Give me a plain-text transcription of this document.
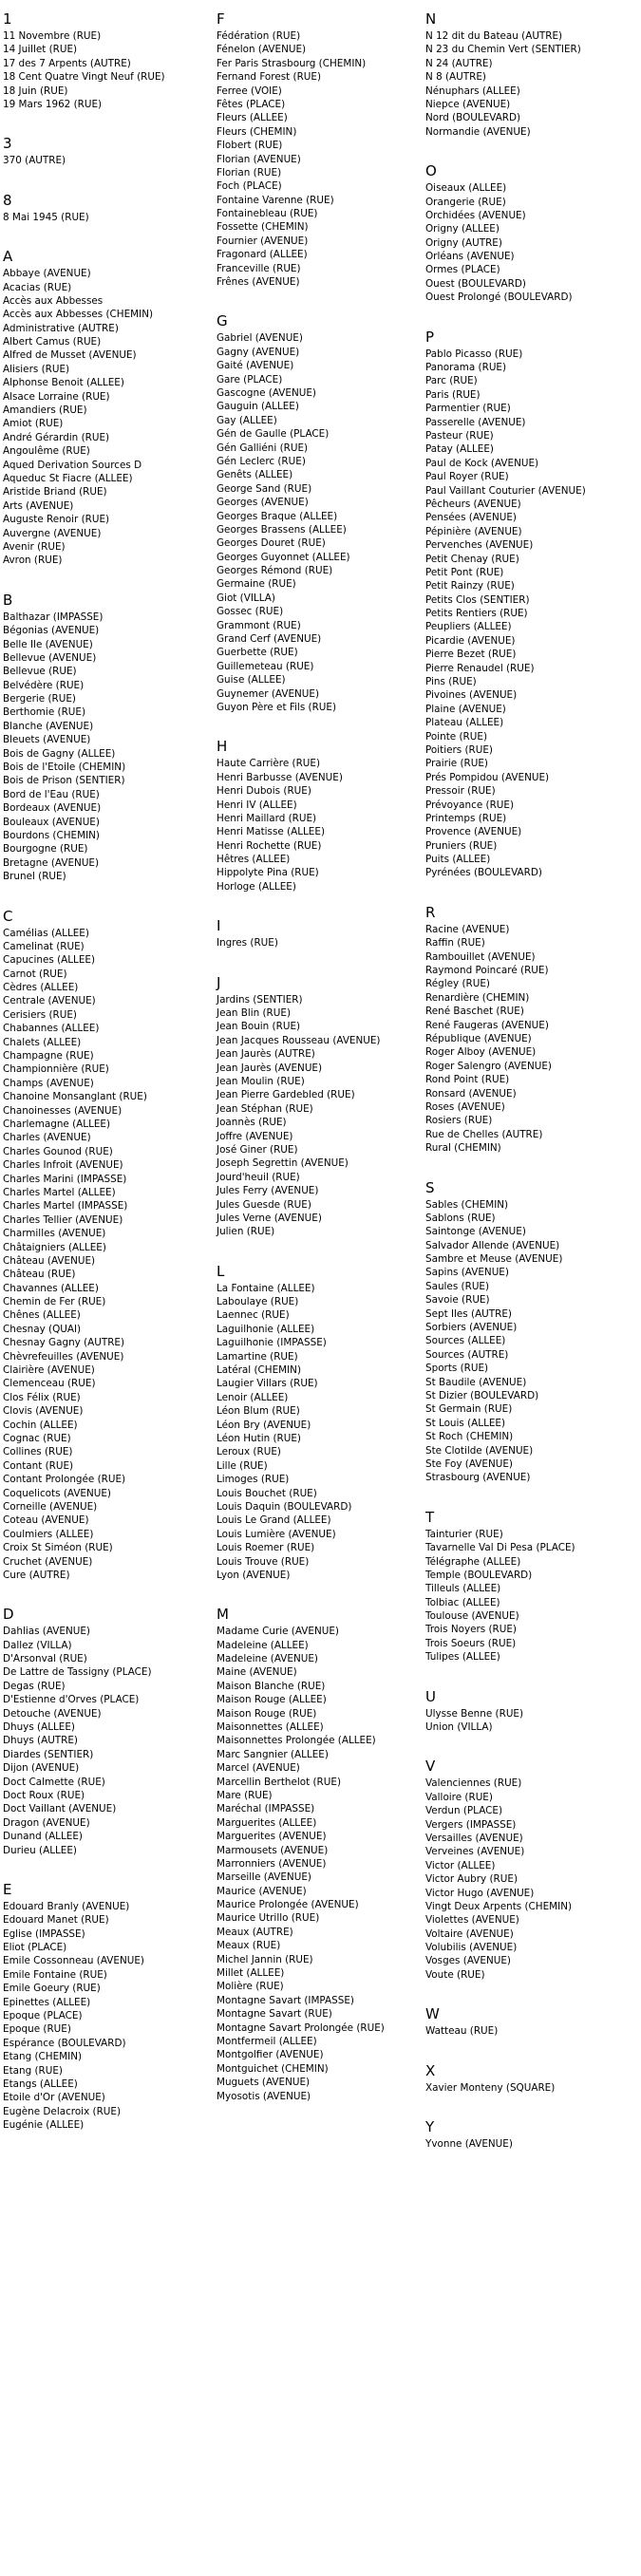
1
11 Novembre (RUE)
14 Juillet (RUE)
17 des 7 Arpents (AUTRE)
18 Cent Quatre Vingt Neuf (RUE)
18 Juin (RUE)
19 Mars 1962 (RUE)
3
370 (AUTRE)
8
8 Mai 1945 (RUE)
A
Abbaye (AVENUE)
Acacias (RUE)
Accès aux Abbesses
Accès aux Abbesses (CHEMIN)
Administrative (AUTRE)
Albert Camus (RUE)
Alfred de Musset (AVENUE)
Alisiers (RUE)
Alphonse Benoit (ALLEE)
Alsace Lorraine (RUE)
Amandiers (RUE)
Amiot (RUE)
André Gérardin (RUE)
Angoulême (RUE)
Aqued Derivation Sources D
Aqueduc St Fiacre (ALLEE)
Aristide Briand (RUE)
Arts (AVENUE)
Auguste Renoir (RUE)
Auvergne (AVENUE)
Avenir (RUE)
Avron (RUE)
B
Balthazar (IMPASSE)
Bégonias (AVENUE)
Belle Ile (AVENUE)
Bellevue (AVENUE)
Bellevue (RUE)
Belvédère (RUE)
Bergerie (RUE)
Berthomie (RUE)
Blanche (AVENUE)
Bleuets (AVENUE)
Bois de Gagny (ALLEE)
Bois de l'Etoile (CHEMIN)
Bois de Prison (SENTIER)
Bord de l'Eau (RUE)
Bordeaux (AVENUE)
Bouleaux (AVENUE)
Bourdons (CHEMIN)
Bourgogne (RUE)
Bretagne (AVENUE)
Brunel (RUE)
C
Camélias (ALLEE)
Camelinat (RUE)
Capucines (ALLEE)
Carnot (RUE)
Cèdres (ALLEE)
Centrale (AVENUE)
Cerisiers (RUE)
Chabannes (ALLEE)
Chalets (ALLEE)
Champagne (RUE)
Championnière (RUE)
Champs (AVENUE)
Chanoine Monsanglant (RUE)
Chanoinesses (AVENUE)
Charlemagne (ALLEE)
Charles (AVENUE)
Charles Gounod (RUE)
Charles Infroit (AVENUE)
Charles Marini (IMPASSE)
Charles Martel (ALLEE)
Charles Martel (IMPASSE)
Charles Tellier (AVENUE)
Charmilles (AVENUE)
Châtaigniers (ALLEE)
Château (AVENUE)
Château (RUE)
Chavannes (ALLEE)
Chemin de Fer (RUE)
Chênes (ALLEE)
Chesnay (QUAI)
Chesnay Gagny (AUTRE)
Chèvrefeuilles (AVENUE)
Clairière (AVENUE)
Clemenceau (RUE)
Clos Félix (RUE)
Clovis (AVENUE)
Cochin (ALLEE)
Cognac (RUE)
Collines (RUE)
Contant (RUE)
Contant Prolongée (RUE)
Coquelicots (AVENUE)
Corneille (AVENUE)
Coteau (AVENUE)
Coulmiers (ALLEE)
Croix St Siméon (RUE)
Cruchet (AVENUE)
Cure (AUTRE)
D
Dahlias (AVENUE)
Dallez (VILLA)
D'Arsonval (RUE)
De Lattre de Tassigny (PLACE)
Degas (RUE)
D'Estienne d'Orves (PLACE)
Detouche (AVENUE)
Dhuys (ALLEE)
Dhuys (AUTRE)
Diardes (SENTIER)
Dijon (AVENUE)
Doct Calmette (RUE)
Doct Roux (RUE)
Doct Vaillant (AVENUE)
Dragon (AVENUE)
Dunand (ALLEE)
Durieu (ALLEE)
E
Edouard Branly (AVENUE)
Edouard Manet (RUE)
Eglise (IMPASSE)
Eliot (PLACE)
Emile Cossonneau (AVENUE)
Emile Fontaine (RUE)
Emile Goeury (RUE)
Epinettes (ALLEE)
Epoque (PLACE)
Epoque (RUE)
Espérance (BOULEVARD)
Etang (CHEMIN)
Etang (RUE)
Etangs (ALLEE)
Etoile d'Or (AVENUE)
Eugène Delacroix (RUE)
Eugénie (ALLEE)
F
Fédération (RUE)
Fénelon (AVENUE)
Fer Paris Strasbourg (CHEMIN)
Fernand Forest (RUE)
Ferree (VOIE)
Fêtes (PLACE)
Fleurs (ALLEE)
Fleurs (CHEMIN)
Flobert (RUE)
Florian (AVENUE)
Florian (RUE)
Foch (PLACE)
Fontaine Varenne (RUE)
Fontainebleau (RUE)
Fossette (CHEMIN)
Fournier (AVENUE)
Fragonard (ALLEE)
Franceville (RUE)
Frênes (AVENUE)
G
Gabriel (AVENUE)
Gagny (AVENUE)
Gaité (AVENUE)
Gare (PLACE)
Gascogne (AVENUE)
Gauguin (ALLEE)
Gay (ALLEE)
Gén de Gaulle (PLACE)
Gén Galliéni (RUE)
Gén Leclerc (RUE)
Genêts (ALLEE)
George Sand (RUE)
Georges (AVENUE)
Georges Braque (ALLEE)
Georges Brassens (ALLEE)
Georges Douret (RUE)
Georges Guyonnet (ALLEE)
Georges Rémond (RUE)
Germaine (RUE)
Giot (VILLA)
Gossec (RUE)
Grammont (RUE)
Grand Cerf (AVENUE)
Guerbette (RUE)
Guillemeteau (RUE)
Guise (ALLEE)
Guynemer (AVENUE)
Guyon Père et Fils (RUE)
H
Haute Carrière (RUE)
Henri Barbusse (AVENUE)
Henri Dubois (RUE)
Henri IV (ALLEE)
Henri Maillard (RUE)
Henri Matisse (ALLEE)
Henri Rochette (RUE)
Hêtres (ALLEE)
Hippolyte Pina (RUE)
Horloge (ALLEE)
I
Ingres (RUE)
J
Jardins (SENTIER)
Jean Blin (RUE)
Jean Bouin (RUE)
Jean Jacques Rousseau (AVENUE)
Jean Jaurès (AUTRE)
Jean Jaurès (AVENUE)
Jean Moulin (RUE)
Jean Pierre Gardebled (RUE)
Jean Stéphan (RUE)
Joannès (RUE)
Joffre (AVENUE)
José Giner (RUE)
Joseph Segrettin (AVENUE)
Jourd'heuil (RUE)
Jules Ferry (AVENUE)
Jules Guesde (RUE)
Jules Verne (AVENUE)
Julien (RUE)
L
La Fontaine (ALLEE)
Laboulaye (RUE)
Laennec (RUE)
Laguilhonie (ALLEE)
Laguilhonie (IMPASSE)
Lamartine (RUE)
Latéral (CHEMIN)
Laugier Villars (RUE)
Lenoir (ALLEE)
Léon Blum (RUE)
Léon Bry (AVENUE)
Léon Hutin (RUE)
Leroux (RUE)
Lille (RUE)
Limoges (RUE)
Louis Bouchet (RUE)
Louis Daquin (BOULEVARD)
Louis Le Grand (ALLEE)
Louis Lumière (AVENUE)
Louis Roemer (RUE)
Louis Trouve (RUE)
Lyon (AVENUE)
M
Madame Curie (AVENUE)
Madeleine (ALLEE)
Madeleine (AVENUE)
Maine (AVENUE)
Maison Blanche (RUE)
Maison Rouge (ALLEE)
Maison Rouge (RUE)
Maisonnettes (ALLEE)
Maisonnettes Prolongée (ALLEE)
Marc Sangnier (ALLEE)
Marcel (AVENUE)
Marcellin Berthelot (RUE)
Mare (RUE)
Maréchal (IMPASSE)
Marguerites (ALLEE)
Marguerites (AVENUE)
Marmousets (AVENUE)
Marronniers (AVENUE)
Marseille (AVENUE)
Maurice (AVENUE)
Maurice Prolongée (AVENUE)
Maurice Utrillo (RUE)
Meaux (AUTRE)
Meaux (RUE)
Michel Jannin (RUE)
Millet (ALLEE)
Molière (RUE)
Montagne Savart (IMPASSE)
Montagne Savart (RUE)
Montagne Savart Prolongée (RUE)
Montfermeil (ALLEE)
Montgolfier (AVENUE)
Montguichet (CHEMIN)
Muguets (AVENUE)
Myosotis (AVENUE)
N
N 12 dit du Bateau (AUTRE)
N 23 du Chemin Vert (SENTIER)
N 24 (AUTRE)
N 8 (AUTRE)
Nénuphars (ALLEE)
Niepce (AVENUE)
Nord (BOULEVARD)
Normandie (AVENUE)
O
Oiseaux (ALLEE)
Orangerie (RUE)
Orchidées (AVENUE)
Origny (ALLEE)
Origny (AUTRE)
Orléans (AVENUE)
Ormes (PLACE)
Ouest (BOULEVARD)
Ouest Prolongé (BOULEVARD)
P
Pablo Picasso (RUE)
Panorama (RUE)
Parc (RUE)
Paris (RUE)
Parmentier (RUE)
Passerelle (AVENUE)
Pasteur (RUE)
Patay (ALLEE)
Paul de Kock (AVENUE)
Paul Royer (RUE)
Paul Vaillant Couturier (AVENUE)
Pêcheurs (AVENUE)
Pensées (AVENUE)
Pépinière (AVENUE)
Pervenches (AVENUE)
Petit Chenay (RUE)
Petit Pont (RUE)
Petit Rainzy (RUE)
Petits Clos (SENTIER)
Petits Rentiers (RUE)
Peupliers (ALLEE)
Picardie (AVENUE)
Pierre Bezet (RUE)
Pierre Renaudel (RUE)
Pins (RUE)
Pivoines (AVENUE)
Plaine (AVENUE)
Plateau (ALLEE)
Pointe (RUE)
Poitiers (RUE)
Prairie (RUE)
Prés Pompidou (AVENUE)
Pressoir (RUE)
Prévoyance (RUE)
Printemps (RUE)
Provence (AVENUE)
Pruniers (RUE)
Puits (ALLEE)
Pyrénées (BOULEVARD)
R
Racine (AVENUE)
Raffin (RUE)
Rambouillet (AVENUE)
Raymond Poincaré (RUE)
Régley (RUE)
Renardière (CHEMIN)
René Baschet (RUE)
René Faugeras (AVENUE)
République (AVENUE)
Roger Alboy (AVENUE)
Roger Salengro (AVENUE)
Rond Point (RUE)
Ronsard (AVENUE)
Roses (AVENUE)
Rosiers (RUE)
Rue de Chelles (AUTRE)
Rural (CHEMIN)
S
Sables (CHEMIN)
Sablons (RUE)
Saintonge (AVENUE)
Salvador Allende (AVENUE)
Sambre et Meuse (AVENUE)
Sapins (AVENUE)
Saules (RUE)
Savoie (RUE)
Sept Iles (AUTRE)
Sorbiers (AVENUE)
Sources (ALLEE)
Sources (AUTRE)
Sports (RUE)
St Baudile (AVENUE)
St Dizier (BOULEVARD)
St Germain (RUE)
St Louis (ALLEE)
St Roch (CHEMIN)
Ste Clotilde (AVENUE)
Ste Foy (AVENUE)
Strasbourg (AVENUE)
T
Tainturier (RUE)
Tavarnelle Val Di Pesa (PLACE)
Télégraphe (ALLEE)
Temple (BOULEVARD)
Tilleuls (ALLEE)
Tolbiac (ALLEE)
Toulouse (AVENUE)
Trois Noyers (RUE)
Trois Soeurs (RUE)
Tulipes (ALLEE)
U
Ulysse Benne (RUE)
Union (VILLA)
V
Valenciennes (RUE)
Valloire (RUE)
Verdun (PLACE)
Vergers (IMPASSE)
Versailles (AVENUE)
Verveines (AVENUE)
Victor (ALLEE)
Victor Aubry (RUE)
Victor Hugo (AVENUE)
Vingt Deux Arpents (CHEMIN)
Violettes (AVENUE)
Voltaire (AVENUE)
Volubilis (AVENUE)
Vosges (AVENUE)
Voute (RUE)
W
Watteau (RUE)
X
Xavier Monteny (SQUARE)
Y
Yvonne (AVENUE)
